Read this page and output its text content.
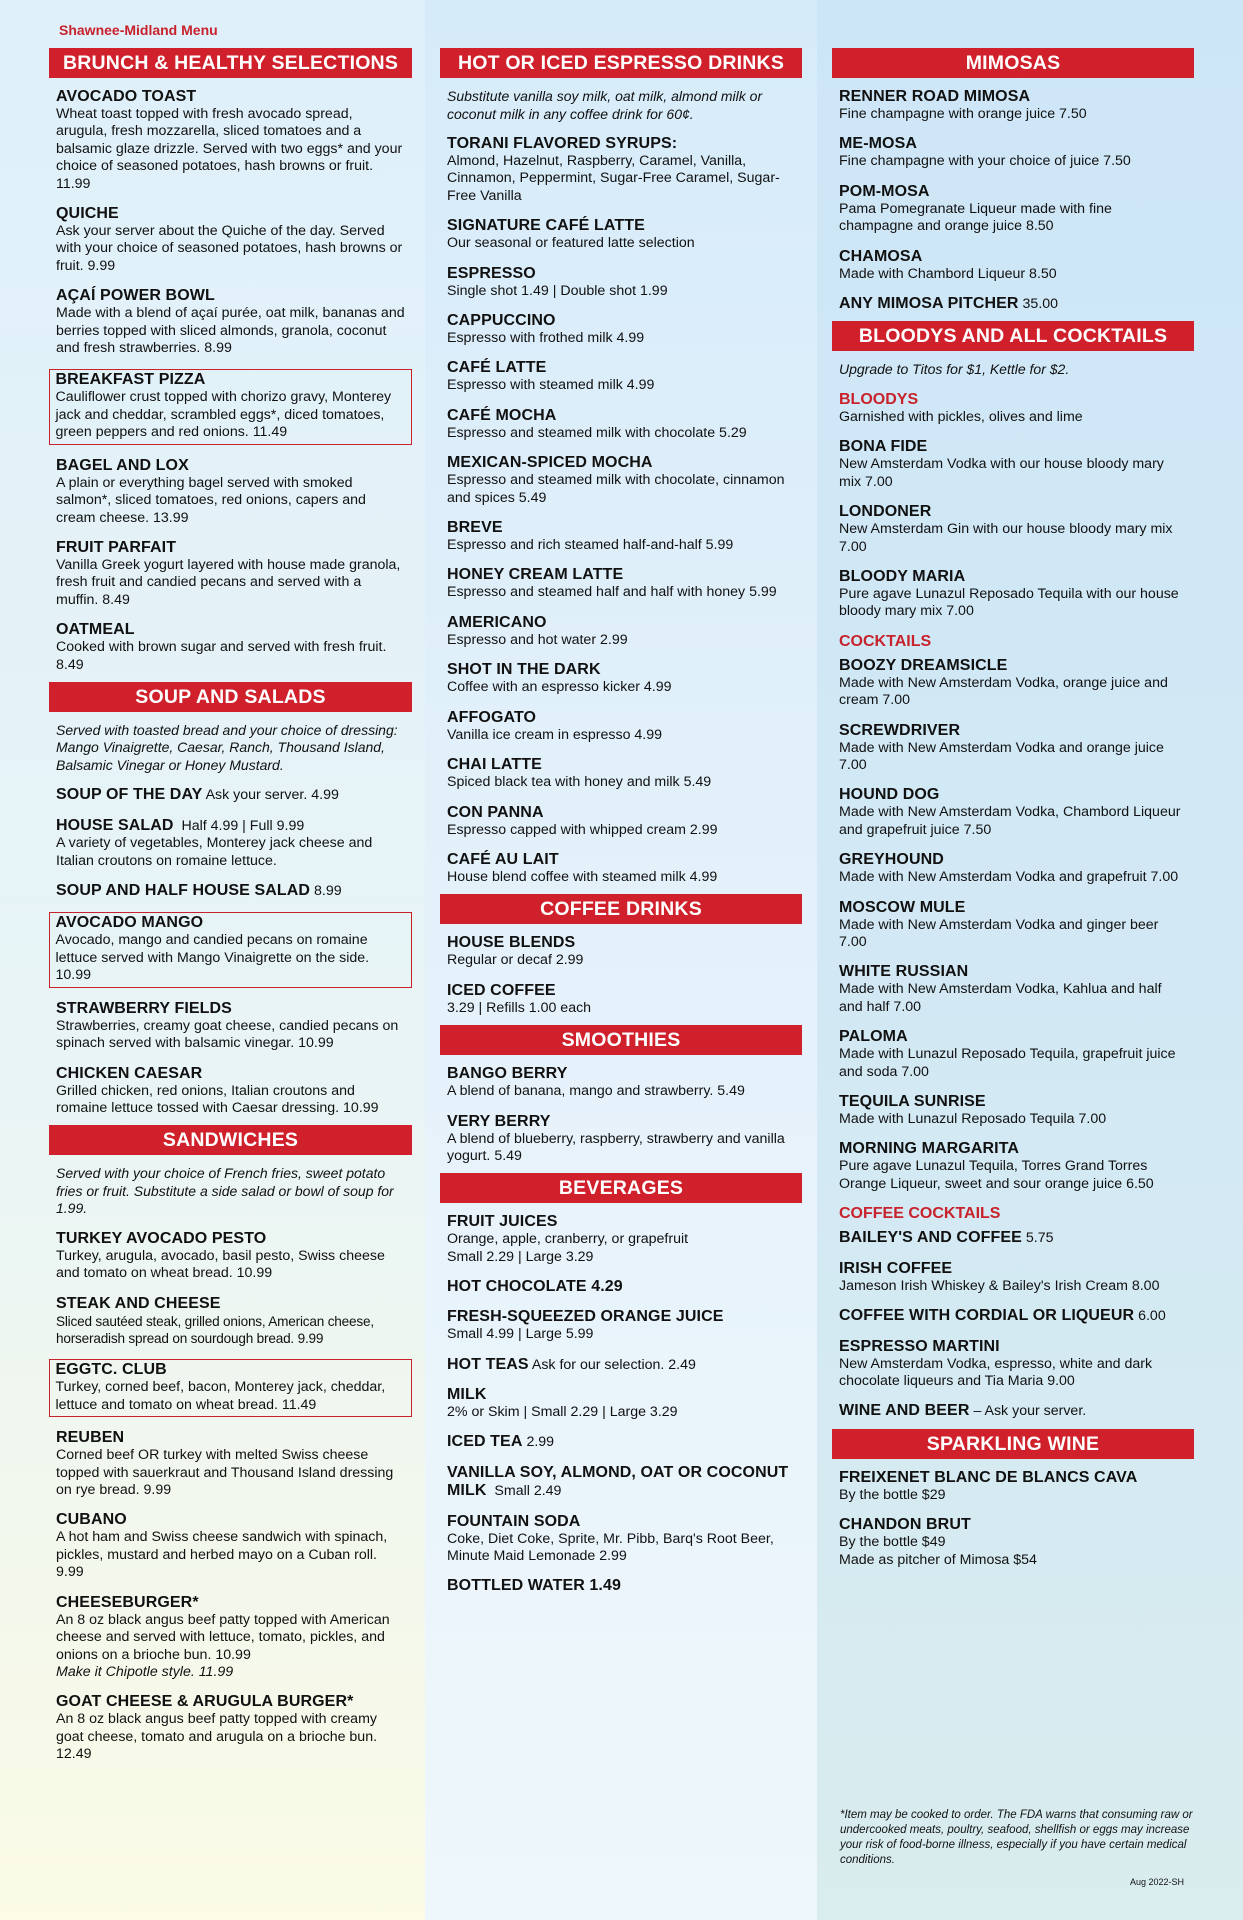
Shawnee-Midland Menu
BRUNCH & HEALTHY SELECTIONS
AVOCADO TOAST
Wheat toast topped with fresh avocado spread, arugula, fresh mozzarella, sliced tomatoes and a balsamic glaze drizzle. Served with two eggs* and your choice of seasoned potatoes, hash browns or fruit. 11.99
QUICHE
Ask your server about the Quiche of the day. Served with your choice of seasoned potatoes, hash browns or fruit. 9.99
AÇAÍ POWER BOWL
Made with a blend of açaí purée, oat milk, bananas and berries topped with sliced almonds, granola, coconut and fresh strawberries. 8.99
BREAKFAST PIZZA
Cauliflower crust topped with chorizo gravy, Monterey jack and cheddar, scrambled eggs*, diced tomatoes, green peppers and red onions. 11.49
BAGEL AND LOX
A plain or everything bagel served with smoked salmon*, sliced tomatoes, red onions, capers and cream cheese. 13.99
FRUIT PARFAIT
Vanilla Greek yogurt layered with house made granola, fresh fruit and candied pecans and served with a muffin. 8.49
OATMEAL
Cooked with brown sugar and served with fresh fruit. 8.49
SOUP AND SALADS
Served with toasted bread and your choice of dressing: Mango Vinaigrette, Caesar, Ranch, Thousand Island, Balsamic Vinegar or Honey Mustard.
SOUP OF THE DAY Ask your server. 4.99
HOUSE SALAD Half 4.99 | Full 9.99
A variety of vegetables, Monterey jack cheese and Italian croutons on romaine lettuce.
SOUP AND HALF HOUSE SALAD 8.99
AVOCADO MANGO
Avocado, mango and candied pecans on romaine lettuce served with Mango Vinaigrette on the side. 10.99
STRAWBERRY FIELDS
Strawberries, creamy goat cheese, candied pecans on spinach served with balsamic vinegar. 10.99
CHICKEN CAESAR
Grilled chicken, red onions, Italian croutons and romaine lettuce tossed with Caesar dressing. 10.99
SANDWICHES
Served with your choice of French fries, sweet potato fries or fruit. Substitute a side salad or bowl of soup for 1.99.
TURKEY AVOCADO PESTO
Turkey, arugula, avocado, basil pesto, Swiss cheese and tomato on wheat bread. 10.99
STEAK AND CHEESE
Sliced sautéed steak, grilled onions, American cheese, horseradish spread on sourdough bread. 9.99
EGGTC. CLUB
Turkey, corned beef, bacon, Monterey jack, cheddar, lettuce and tomato on wheat bread. 11.49
REUBEN
Corned beef OR turkey with melted Swiss cheese topped with sauerkraut and Thousand Island dressing on rye bread. 9.99
CUBANO
A hot ham and Swiss cheese sandwich with spinach, pickles, mustard and herbed mayo on a Cuban roll. 9.99
CHEESEBURGER*
An 8 oz black angus beef patty topped with American cheese and served with lettuce, tomato, pickles, and onions on a brioche bun. 10.99
Make it Chipotle style. 11.99
GOAT CHEESE & ARUGULA BURGER*
An 8 oz black angus beef patty topped with creamy goat cheese, tomato and arugula on a brioche bun. 12.49
HOT OR ICED ESPRESSO DRINKS
Substitute vanilla soy milk, oat milk, almond milk or coconut milk in any coffee drink for 60¢.
TORANI FLAVORED SYRUPS:
Almond, Hazelnut, Raspberry, Caramel, Vanilla, Cinnamon, Peppermint, Sugar-Free Caramel, Sugar-Free Vanilla
SIGNATURE CAFÉ LATTE
Our seasonal or featured latte selection
ESPRESSO
Single shot 1.49 | Double shot 1.99
CAPPUCCINO
Espresso with frothed milk 4.99
CAFÉ LATTE
Espresso with steamed milk 4.99
CAFÉ MOCHA
Espresso and steamed milk with chocolate 5.29
MEXICAN-SPICED MOCHA
Espresso and steamed milk with chocolate, cinnamon and spices 5.49
BREVE
Espresso and rich steamed half-and-half 5.99
HONEY CREAM LATTE
Espresso and steamed half and half with honey 5.99
AMERICANO
Espresso and hot water 2.99
SHOT IN THE DARK
Coffee with an espresso kicker 4.99
AFFOGATO
Vanilla ice cream in espresso 4.99
CHAI LATTE
Spiced black tea with honey and milk 5.49
CON PANNA
Espresso capped with whipped cream 2.99
CAFÉ AU LAIT
House blend coffee with steamed milk 4.99
COFFEE DRINKS
HOUSE BLENDS
Regular or decaf 2.99
ICED COFFEE
3.29 | Refills 1.00 each
SMOOTHIES
BANGO BERRY
A blend of banana, mango and strawberry. 5.49
VERY BERRY
A blend of blueberry, raspberry, strawberry and vanilla yogurt. 5.49
BEVERAGES
FRUIT JUICES
Orange, apple, cranberry, or grapefruit
Small 2.29 | Large 3.29
HOT CHOCOLATE 4.29
FRESH-SQUEEZED ORANGE JUICE
Small 4.99 | Large 5.99
HOT TEAS Ask for our selection. 2.49
MILK
2% or Skim | Small 2.29 | Large 3.29
ICED TEA 2.99
VANILLA SOY, ALMOND, OAT OR COCONUT MILK Small 2.49
FOUNTAIN SODA
Coke, Diet Coke, Sprite, Mr. Pibb, Barq's Root Beer, Minute Maid Lemonade 2.99
BOTTLED WATER 1.49
MIMOSAS
RENNER ROAD MIMOSA
Fine champagne with orange juice 7.50
ME-MOSA
Fine champagne with your choice of juice 7.50
POM-MOSA
Pama Pomegranate Liqueur made with fine champagne and orange juice 8.50
CHAMOSA
Made with Chambord Liqueur 8.50
ANY MIMOSA PITCHER 35.00
BLOODYS AND ALL COCKTAILS
Upgrade to Titos for $1, Kettle for $2.
BLOODYS
Garnished with pickles, olives and lime
BONA FIDE
New Amsterdam Vodka with our house bloody mary mix 7.00
LONDONER
New Amsterdam Gin with our house bloody mary mix 7.00
BLOODY MARIA
Pure agave Lunazul Reposado Tequila with our house bloody mary mix 7.00
COCKTAILS
BOOZY DREAMSICLE
Made with New Amsterdam Vodka, orange juice and cream 7.00
SCREWDRIVER
Made with New Amsterdam Vodka and orange juice 7.00
HOUND DOG
Made with New Amsterdam Vodka, Chambord Liqueur and grapefruit juice 7.50
GREYHOUND
Made with New Amsterdam Vodka and grapefruit 7.00
MOSCOW MULE
Made with New Amsterdam Vodka and ginger beer 7.00
WHITE RUSSIAN
Made with New Amsterdam Vodka, Kahlua and half and half 7.00
PALOMA
Made with Lunazul Reposado Tequila, grapefruit juice and soda 7.00
TEQUILA SUNRISE
Made with Lunazul Reposado Tequila 7.00
MORNING MARGARITA
Pure agave Lunazul Tequila, Torres Grand Torres Orange Liqueur, sweet and sour orange juice 6.50
COFFEE COCKTAILS
BAILEY'S AND COFFEE 5.75
IRISH COFFEE
Jameson Irish Whiskey & Bailey's Irish Cream 8.00
COFFEE WITH CORDIAL OR LIQUEUR 6.00
ESPRESSO MARTINI
New Amsterdam Vodka, espresso, white and dark chocolate liqueurs and Tia Maria 9.00
WINE AND BEER – Ask your server.
SPARKLING WINE
FREIXENET BLANC DE BLANCS CAVA
By the bottle $29
CHANDON BRUT
By the bottle $49
Made as pitcher of Mimosa $54
*Item may be cooked to order. The FDA warns that consuming raw or undercooked meats, poultry, seafood, shellfish or eggs may increase your risk of food-borne illness, especially if you have certain medical conditions.
Aug 2022-SH
